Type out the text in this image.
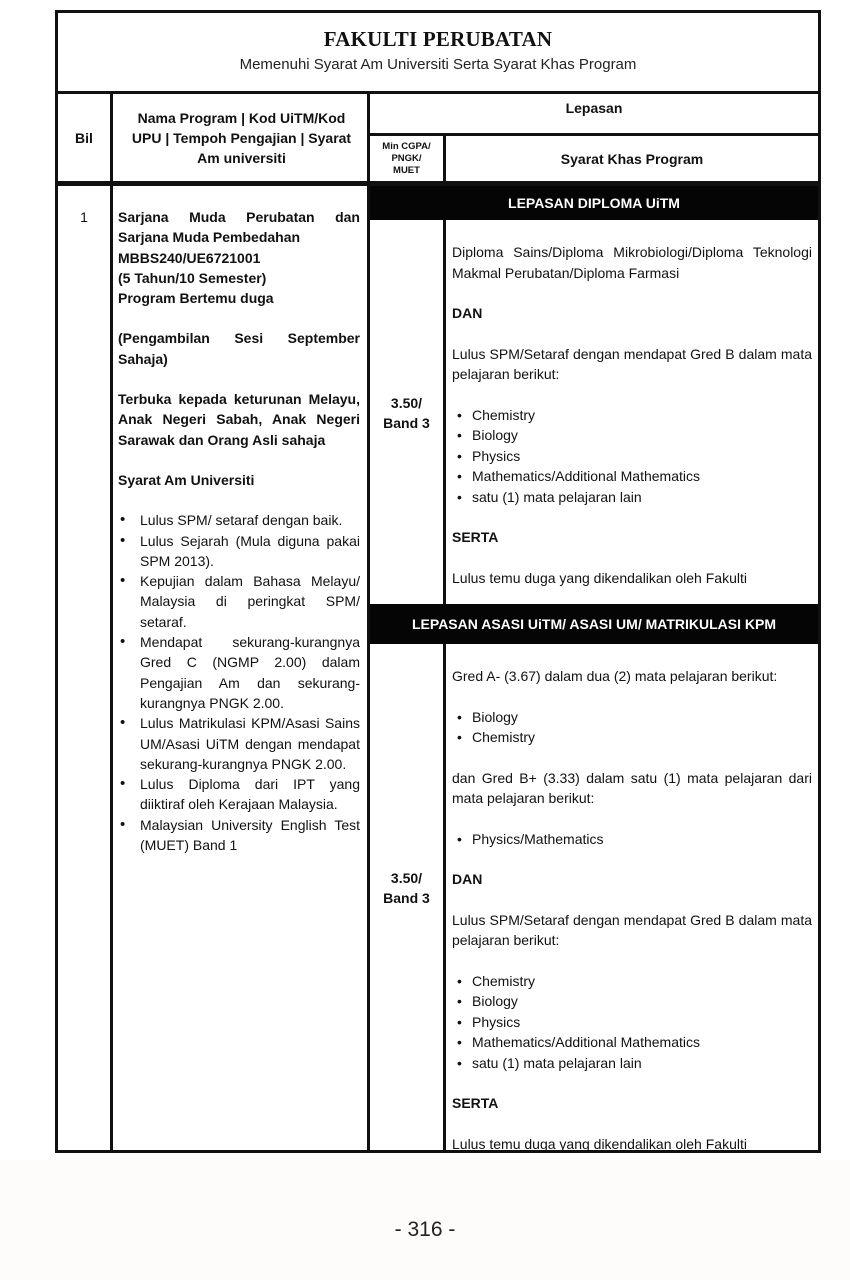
FAKULTI PERUBATAN
Memenuhi Syarat Am Universiti Serta Syarat Khas Program
Bil
Nama Program | Kod UiTM/Kod UPU | Tempoh Pengajian | Syarat Am universiti
Lepasan
Min CGPA/
PNGK/
MUET
Syarat Khas Program
1	Sarjana Muda Perubatan dan Sarjana Muda Pembedahan

MBBS240/UE6721001

(5 Tahun/10 Semester)

Program Bertemu duga

(Pengambilan Sesi September Sahaja)

Terbuka kepada keturunan Melayu, Anak Negeri Sabah, Anak Negeri Sarawak dan Orang Asli sahaja

Syarat Am Universiti

• Lulus SPM/ setaraf dengan baik.
• Lulus Sejarah (Mula diguna pakai SPM 2013).
• Kepujian dalam Bahasa Melayu/ Malaysia di peringkat SPM/ setaraf.
• Mendapat sekurang-kurangnya Gred C (NGMP 2.00) dalam Pengajian Am dan sekurang-kurangnya PNGK 2.00.
• Lulus Matrikulasi KPM/Asasi Sains UM/Asasi UiTM dengan mendapat sekurang-kurangnya PNGK 2.00.
• Lulus Diploma dari IPT yang diiktiraf oleh Kerajaan Malaysia.
• Malaysian University English Test (MUET) Band 1
LEPASAN DIPLOMA UiTM
3.50/
Band 3

Diploma Sains/Diploma Mikrobiologi/Diploma Teknologi Makmal Perubatan/Diploma Farmasi

DAN

Lulus SPM/Setaraf dengan mendapat Gred B dalam mata pelajaran berikut:

• Chemistry
• Biology
• Physics
• Mathematics/Additional Mathematics
• satu (1) mata pelajaran lain

SERTA

Lulus temu duga yang dikendalikan oleh Fakulti

LEPASAN ASASI UiTM/ ASASI UM/ MATRIKULASI KPM
3.50/
Band 3

Gred A- (3.67) dalam dua (2) mata pelajaran berikut:

• Biology
• Chemistry

dan Gred B+ (3.33) dalam satu (1) mata pelajaran dari mata pelajaran berikut:

• Physics/Mathematics

DAN

Lulus SPM/Setaraf dengan mendapat Gred B dalam mata pelajaran berikut:

• Chemistry
• Biology
• Physics
• Mathematics/Additional Mathematics
• satu (1) mata pelajaran lain

SERTA

Lulus temu duga yang dikendalikan oleh Fakulti

- 316 -
